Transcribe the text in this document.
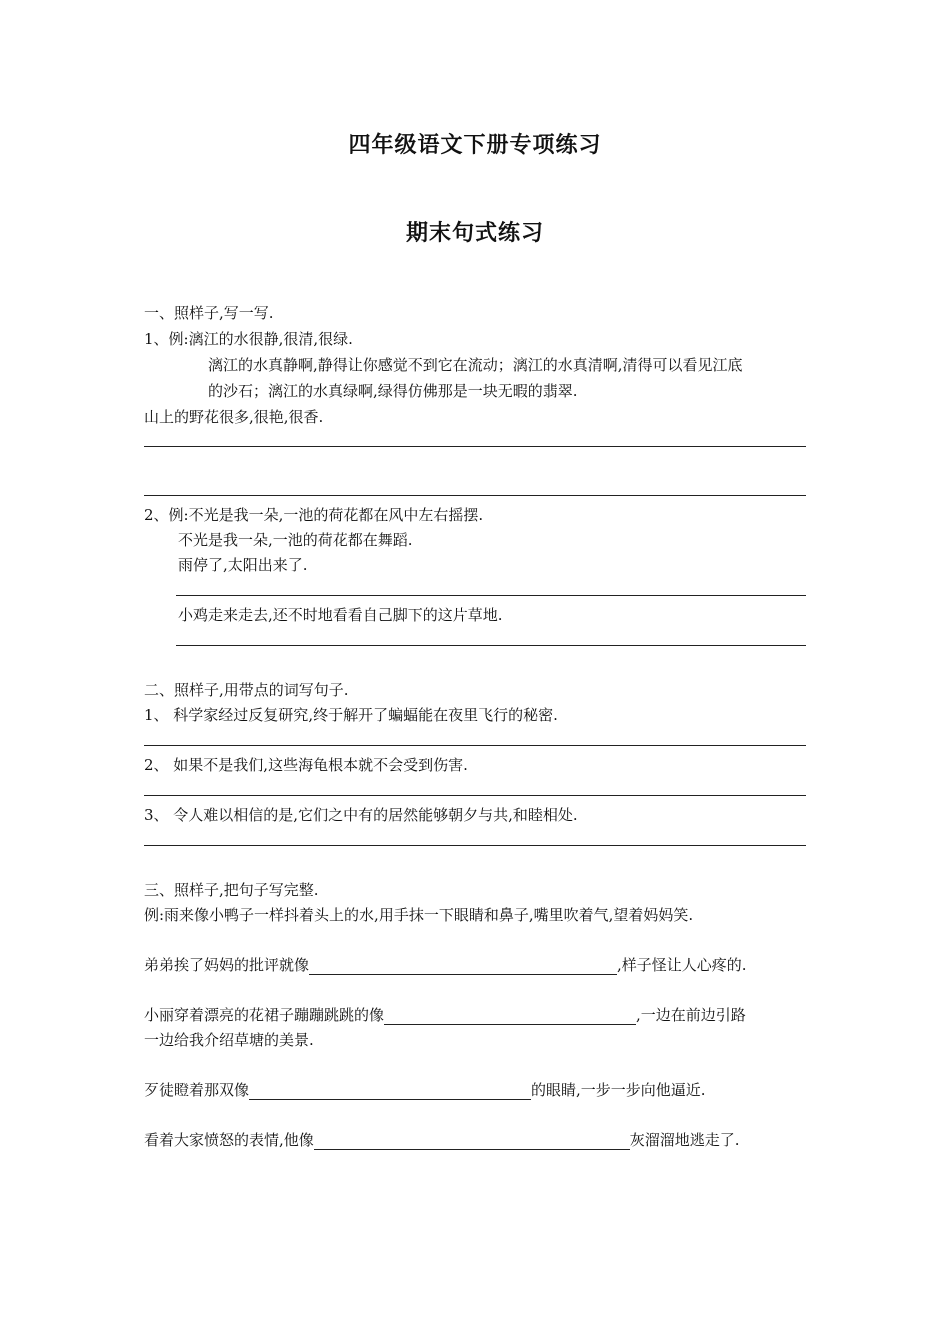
四年级语文下册专项练习
期末句式练习
一、照样子,写一写.
1、例:漓江的水很静,很清,很绿.
漓江的水真静啊,静得让你感觉不到它在流动；漓江的水真清啊,清得可以看见江底
的沙石；漓江的水真绿啊,绿得仿佛那是一块无暇的翡翠.
山上的野花很多,很艳,很香.
2、例:不光是我一朵,一池的荷花都在风中左右摇摆.
不光是我一朵,一池的荷花都在舞蹈.
雨停了,太阳出来了.
小鸡走来走去,还不时地看看自己脚下的这片草地.
二、照样子,用带点的词写句子.
1、 科学家经过反复研究,终于解开了蝙蝠能在夜里飞行的秘密.
2、 如果不是我们,这些海龟根本就不会受到伤害.
3、 令人难以相信的是,它们之中有的居然能够朝夕与共,和睦相处.
三、照样子,把句子写完整.
例:雨来像小鸭子一样抖着头上的水,用手抹一下眼睛和鼻子,嘴里吹着气,望着妈妈笑.
弟弟挨了妈妈的批评就像	,样子怪让人心疼的.
小丽穿着漂亮的花裙子蹦蹦跳跳的像	,一边在前边引路
一边给我介绍草塘的美景.
歹徒瞪着那双像	的眼睛,一步一步向他逼近.
看着大家愤怒的表情,他像	灰溜溜地逃走了.
